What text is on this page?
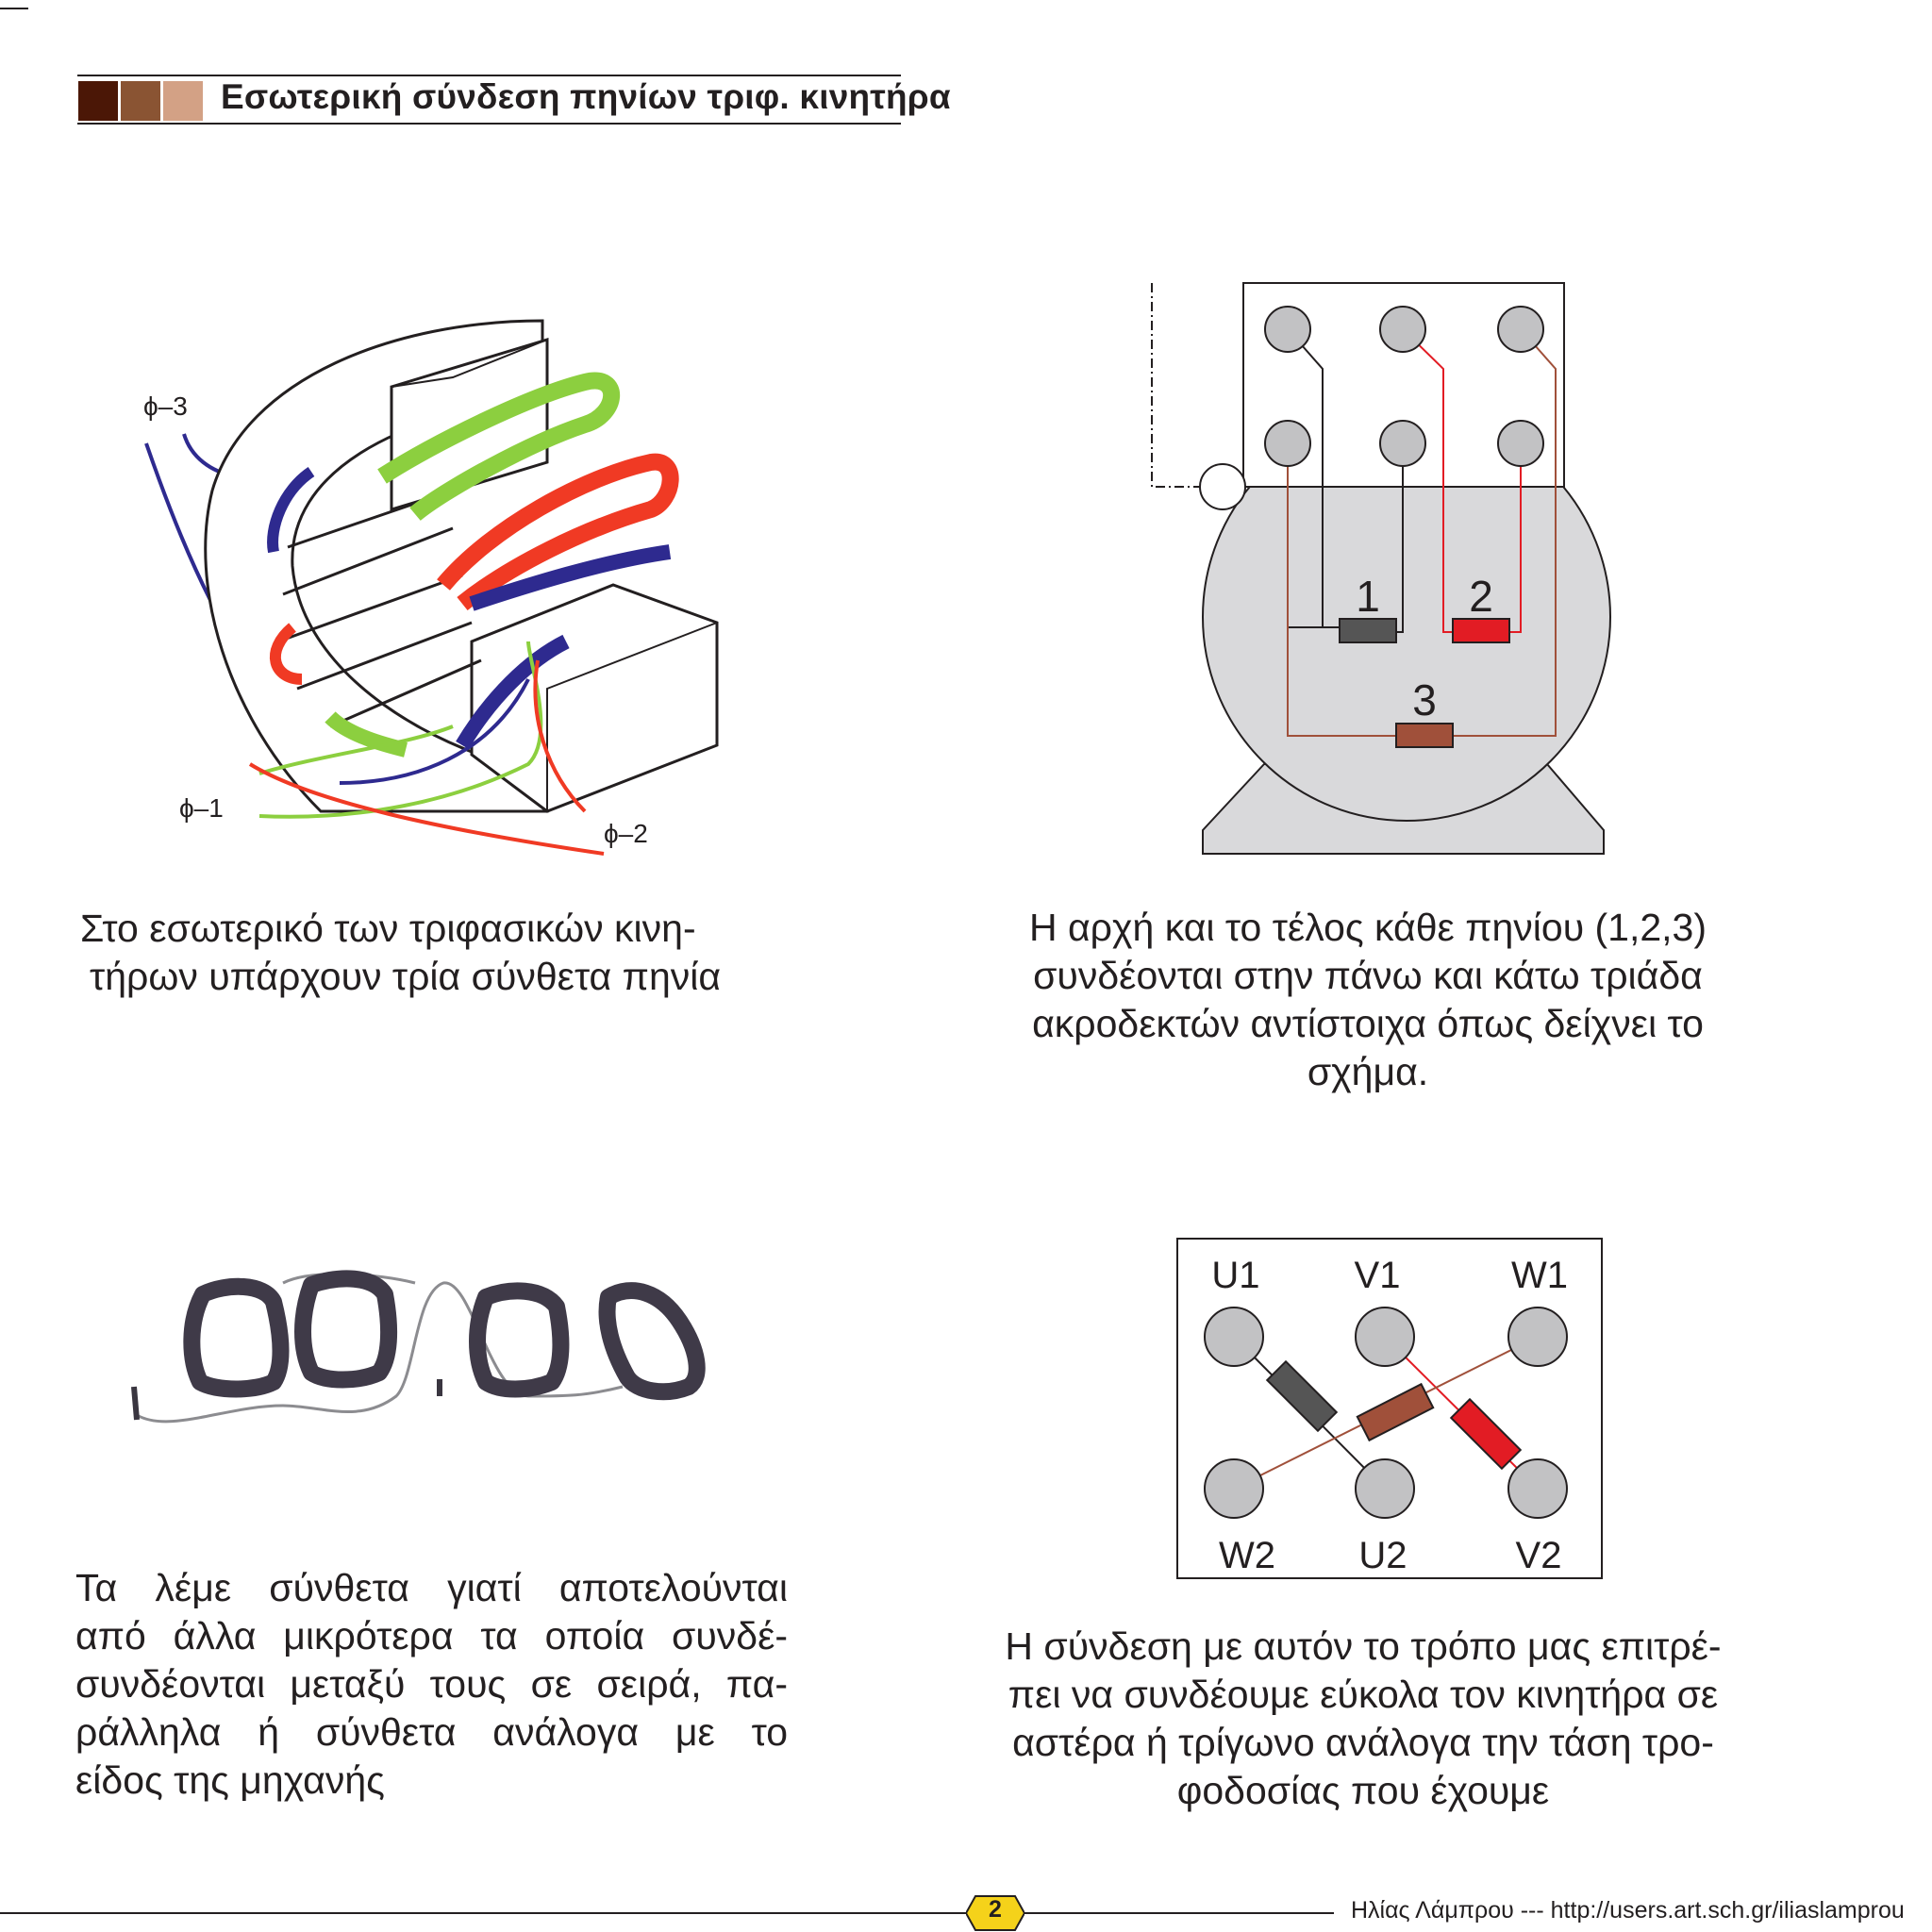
Εσωτερική σύνδεση πηνίων τριφ. κινητήρα
ϕ–3
ϕ–1
ϕ–2
1 2
3
U1 V1	W1
W2 U2	V2

Στο εσωτερικό των τριφασικών κινη-
τήρων υπάρχουν τρία σύνθετα πηνία

Η αρχή και το τέλος κάθε πηνίου (1,2,3)
συνδέονται στην πάνω και κάτω τριάδα
ακροδεκτών αντίστοιχα όπως δείχνει το
σχήμα.

Τα λέμε σύνθετα γιατί αποτελούνται
από άλλα μικρότερα τα οποία συνδέ-
συνδέονται μεταξύ τους σε σειρά, πα-
ράλληλα ή σύνθετα ανάλογα με το
είδος της μηχανής

Η σύνδεση με αυτόν το τρόπο μας επιτρέ-
πει να συνδέουμε εύκολα τον κινητήρα σε
αστέρα ή τρίγωνο ανάλογα την τάση τρο-
φοδοσίας που έχουμε

2	Ηλίας Λάμπρου --- http://users.art.sch.gr/iliaslamprou
